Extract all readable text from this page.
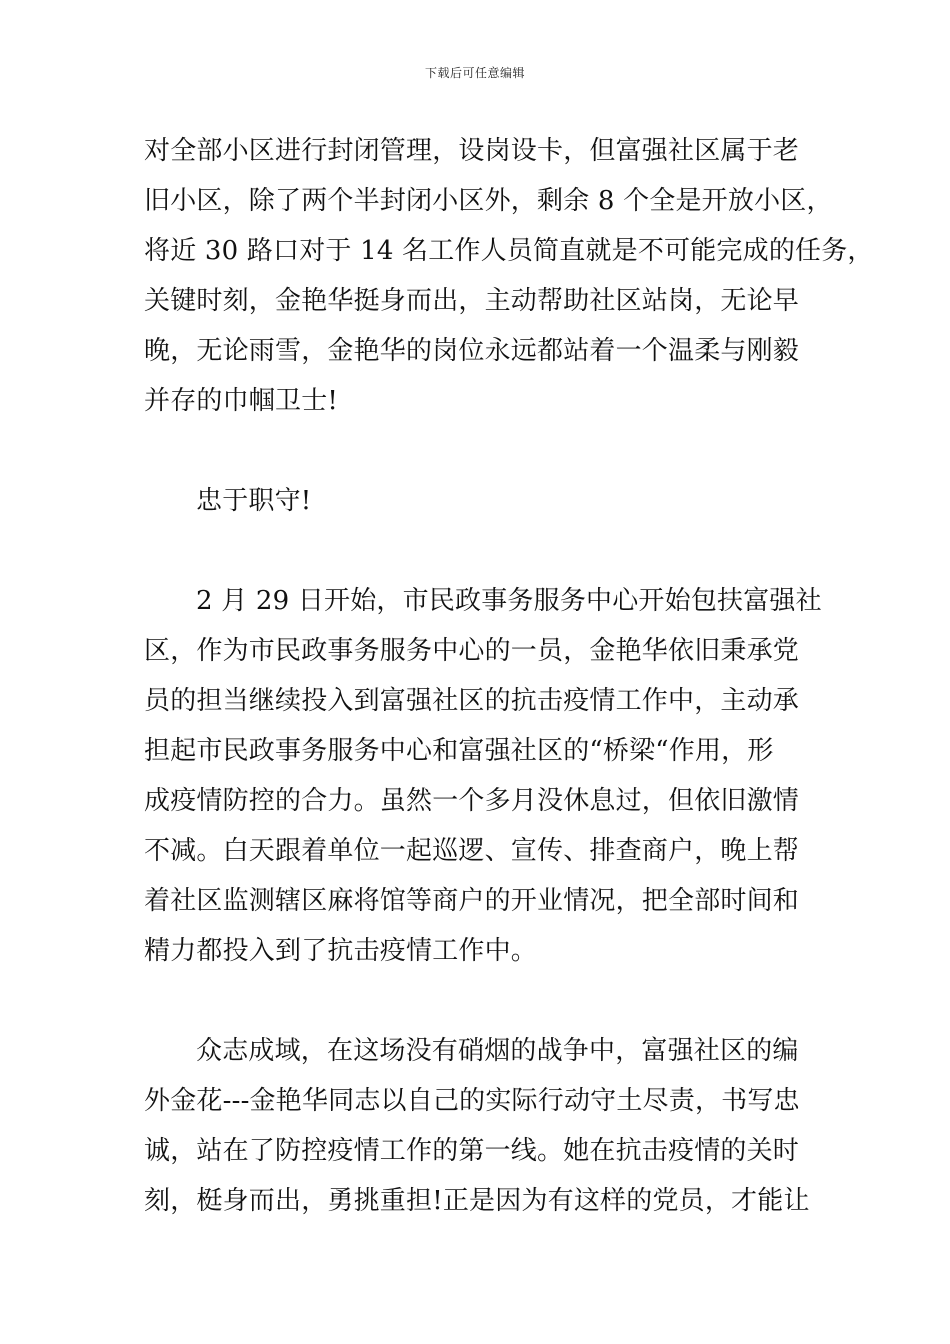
下载后可任意编辑
对全部小区进行封闭管理，设岗设卡，但富强社区属于老
旧小区，除了两个半封闭小区外，剩余 8 个全是开放小区，
将近 30 路口对于 14 名工作人员简直就是不可能完成的任务，
关键时刻，金艳华挺身而出，主动帮助社区站岗，无论早
晚，无论雨雪，金艳华的岗位永远都站着一个温柔与刚毅
并存的巾帼卫士!
忠于职守!
2 月 29 日开始，市民政事务服务中心开始包扶富强社
区，作为市民政事务服务中心的一员，金艳华依旧秉承党
员的担当继续投入到富强社区的抗击疫情工作中，主动承
担起市民政事务服务中心和富强社区的“桥梁“作用，形
成疫情防控的合力。虽然一个多月没休息过，但依旧激情
不减。白天跟着单位一起巡逻、宣传、排查商户，晚上帮
着社区监测辖区麻将馆等商户的开业情况，把全部时间和
精力都投入到了抗击疫情工作中。
众志成域，在这场没有硝烟的战争中，富强社区的编
外金花---金艳华同志以自己的实际行动守土尽责，书写忠
诚，站在了防控疫情工作的第一线。她在抗击疫情的关时
刻，梃身而出，勇挑重担!正是因为有这样的党员，才能让
